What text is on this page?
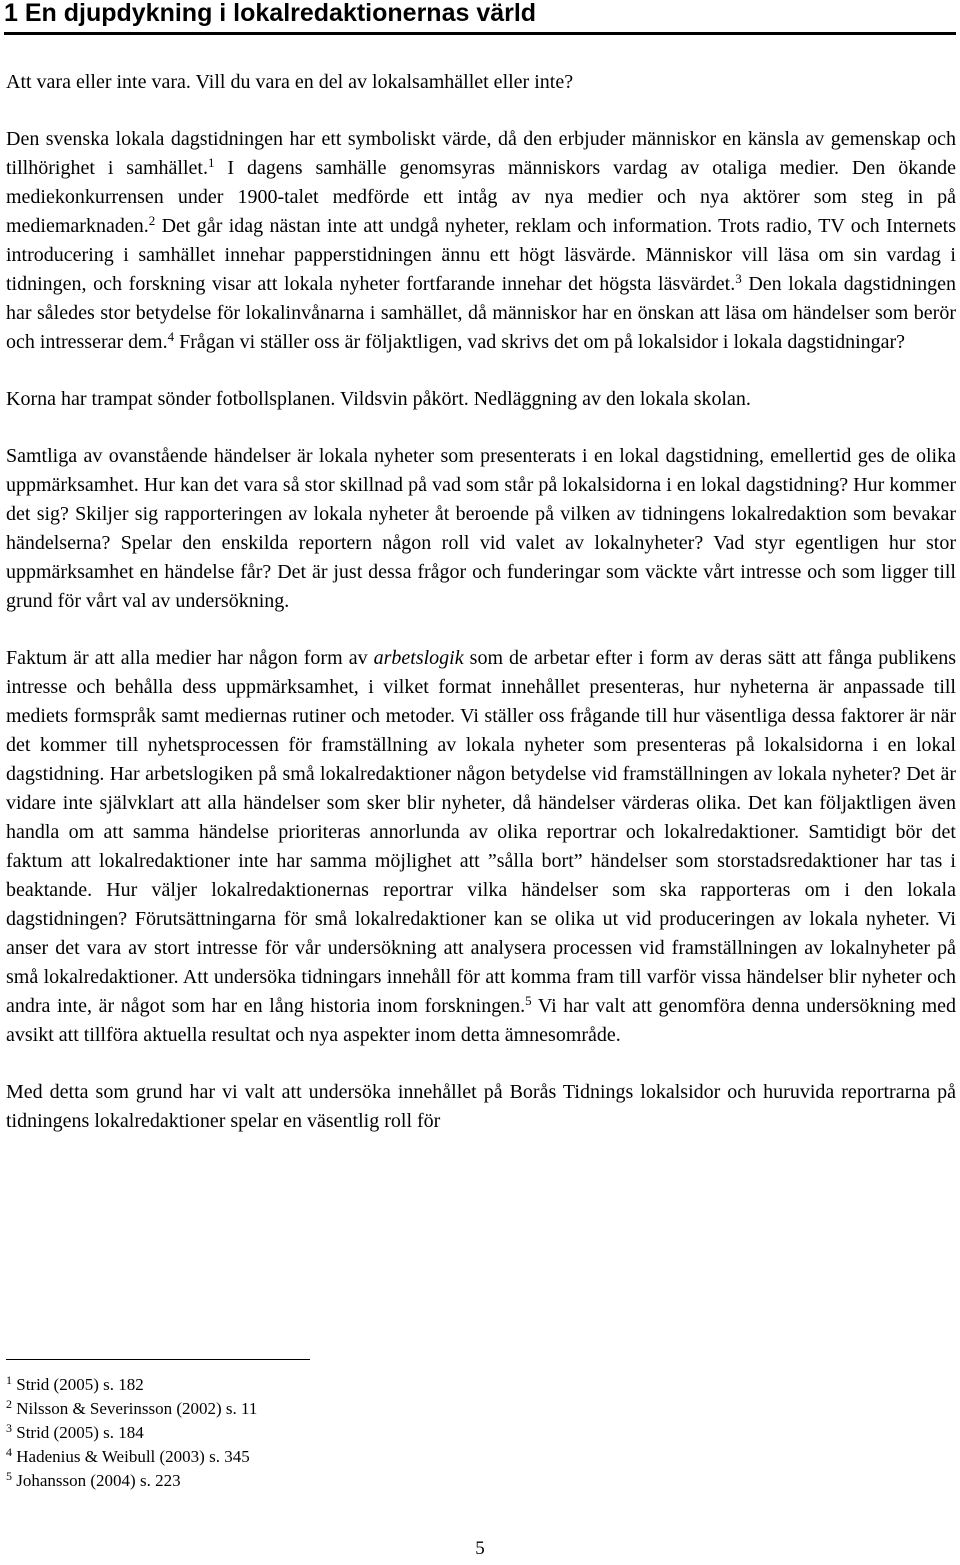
1 En djupdykning i lokalredaktionernas värld

Att vara eller inte vara. Vill du vara en del av lokalsamhället eller inte?

Den svenska lokala dagstidningen har ett symboliskt värde, då den erbjuder människor en känsla av gemenskap och tillhörighet i samhället.$^1$ I dagens samhälle genomsyras människors vardag av otaliga medier. Den ökande mediekonkurrensen under 1900-talet medförde ett intåg av nya medier och nya aktörer som steg in på mediemarknaden.$^2$ Det går idag nästan inte att undgå nyheter, reklam och information. Trots radio, TV och Internets introducering i samhället innehar papperstidningen ännu ett högt läsvärde. Människor vill läsa om sin vardag i tidningen, och forskning visar att lokala nyheter fortfarande innehar det högsta läsvärdet.$^3$ Den lokala dagstidningen har således stor betydelse för lokalinvånarna i samhället, då människor har en önskan att läsa om händelser som berör och intresserar dem.$^4$ Frågan vi ställer oss är följaktligen, vad skrivs det om på lokalsidor i lokala dagstidningar?

Korna har trampat sönder fotbollsplanen. Vildsvin påkört. Nedläggning av den lokala skolan.

Samtliga av ovanstående händelser är lokala nyheter som presenterats i en lokal dagstidning, emellertid ges de olika uppmärksamhet. Hur kan det vara så stor skillnad på vad som står på lokalsidorna i en lokal dagstidning? Hur kommer det sig? Skiljer sig rapporteringen av lokala nyheter åt beroende på vilken av tidningens lokalredaktion som bevakar händelserna? Spelar den enskilda reportern någon roll vid valet av lokalnyheter? Vad styr egentligen hur stor uppmärksamhet en händelse får? Det är just dessa frågor och funderingar som väckte vårt intresse och som ligger till grund för vårt val av undersökning.

Faktum är att alla medier har någon form av arbetslogik som de arbetar efter i form av deras sätt att fånga publikens intresse och behålla dess uppmärksamhet, i vilket format innehållet presenteras, hur nyheterna är anpassade till mediets formspråk samt mediernas rutiner och metoder. Vi ställer oss frågande till hur väsentliga dessa faktorer är när det kommer till nyhetsprocessen för framställning av lokala nyheter som presenteras på lokalsidorna i en lokal dagstidning. Har arbetslogiken på små lokalredaktioner någon betydelse vid framställningen av lokala nyheter? Det är vidare inte självklart att alla händelser som sker blir nyheter, då händelser värderas olika. Det kan följaktligen även handla om att samma händelse prioriteras annorlunda av olika reportrar och lokalredaktioner. Samtidigt bör det faktum att lokalredaktioner inte har samma möjlighet att ”sålla bort” händelser som storstadsredaktioner har tas i beaktande. Hur väljer lokalredaktionernas reportrar vilka händelser som ska rapporteras om i den lokala dagstidningen? Förutsättningarna för små lokalredaktioner kan se olika ut vid produceringen av lokala nyheter. Vi anser det vara av stort intresse för vår undersökning att analysera processen vid framställningen av lokalnyheter på små lokalredaktioner. Att undersöka tidningars innehåll för att komma fram till varför vissa händelser blir nyheter och andra inte, är något som har en lång historia inom forskningen.$^5$ Vi har valt att genomföra denna undersökning med avsikt att tillföra aktuella resultat och nya aspekter inom detta ämnesområde.

Med detta som grund har vi valt att undersöka innehållet på Borås Tidnings lokalsidor och huruvida reportrarna på tidningens lokalredaktioner spelar en väsentlig roll för

$^1$ Strid (2005) s. 182
$^2$ Nilsson & Severinsson (2002) s. 11
$^3$ Strid (2005) s. 184
$^4$ Hadenius & Weibull (2003) s. 345
$^5$ Johansson (2004) s. 223
5
